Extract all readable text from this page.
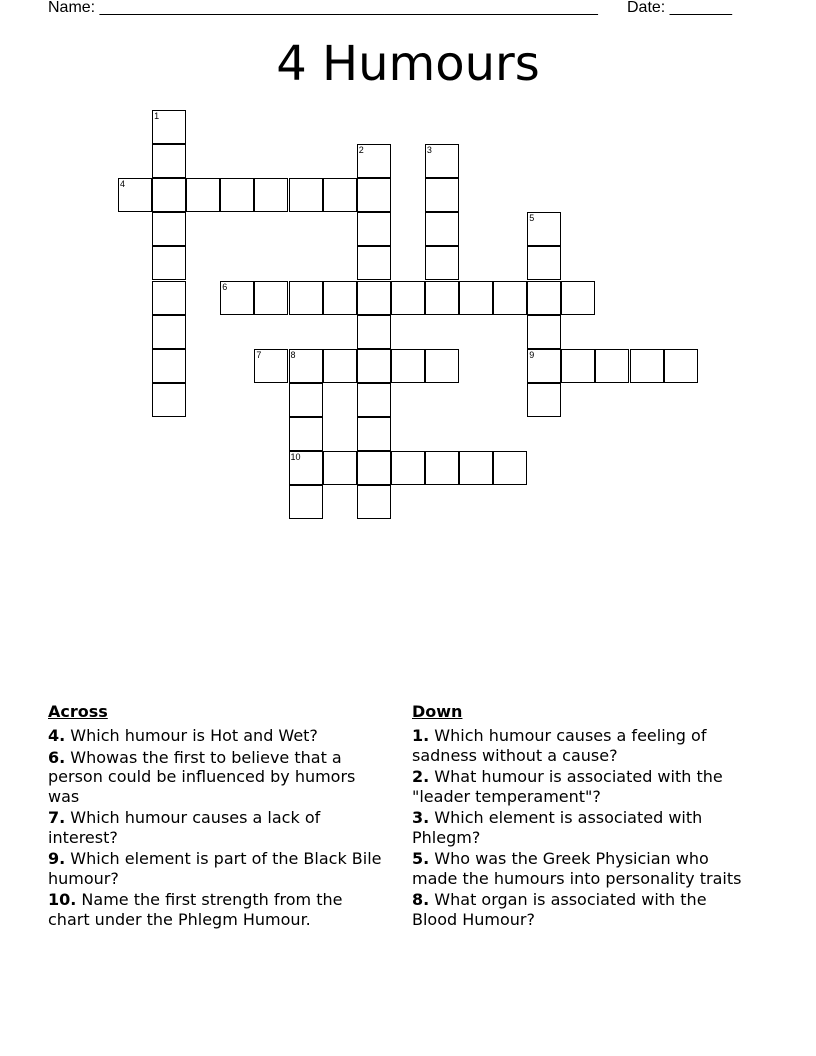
Name: ________________________________________________________ Date: _______
4 Humours
1
2	3
4
5
9
6
7	8
10
Across
4. Which humour is Hot and Wet?
6. Whowas the first to believe that a person could be influenced by humors was
7. Which humour causes a lack of interest?
9. Which element is part of the Black Bile humour?
10. Name the first strength from the chart under the Phlegm Humour.
Down
1. Which humour causes a feeling of sadness without a cause?
2. What humour is associated with the "leader temperament"?
3. Which element is associated with Phlegm?
5. Who was the Greek Physician who made the humours into personality traits
8. What organ is associated with the Blood Humour?
